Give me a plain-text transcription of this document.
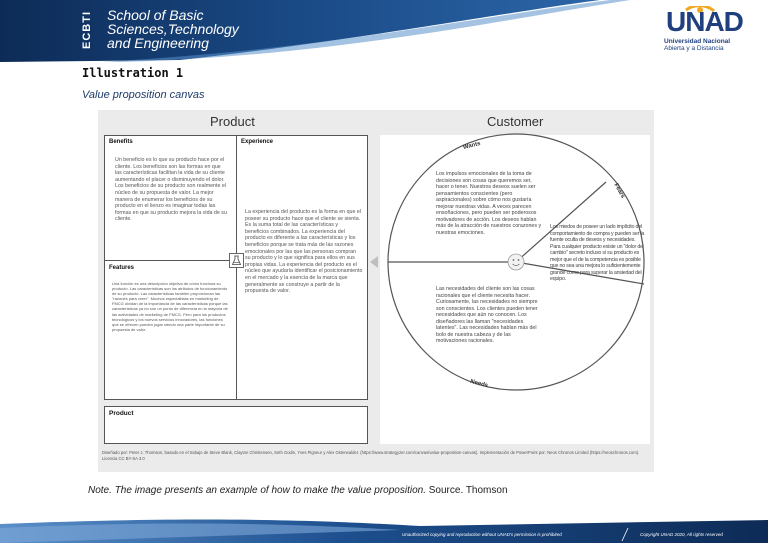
ECBTI School of Basic
Sciences,Technology
and Engineering
UNAD
Universidad Nacional
Abierta y a Distancia
Illustration 1
Value proposition canvas
Product	Customer
Benefits
Un beneficio es lo que su producto hace por el cliente. Los beneficios son las formas en que las características facilitan la vida de su cliente aumentando el placer o disminuyendo el dolor. Los beneficios de su producto son realmente el núcleo de su propuesta de valor. La mejor manera de enumerar los beneficios de su producto en el lienzo es imaginar todas las formas en que su producto mejora la vida de su cliente.
Experience
La experiencia del producto es la forma en que el poseer su producto hace que el cliente se sienta. Es la suma total de las características y beneficios combinados. La experiencia del producto es diferente a las características y los beneficios porque se trata más de las razones emocionales por las que las personas compran su producto y lo que significa para ellos en sus propias vidas. La experiencia del producto es el núcleo que ayudaría identificar el posicionamiento en el mercado y la esencia de la marca que generalmente se construye a partir de la propuesta de valor.
Features
Una función es una descripción objetiva de cómo funciona su producto. Las características son los atributos de funcionamiento de su producto. Las características también proporcionan las "razones para creer". Muchos especialistas en marketing de FMCG olvidan de la importancia de las características porque las características ya no son un punto de diferencia en la mayoría de las actividades de marketing de FMCG. Pero para los productos tecnológicos y los nuevos servicios innovadores, las funciones que se ofrecen pueden jugar siendo una parte importante de su propuesta de valor.
Product
Wants
Los impulsos emocionales de la toma de decisiones son cosas que queremos ser, hacer o tener. Nuestros deseos suelen ser pensamientos conscientes (pero aspiracionales) sobre cómo nos gustaría mejorar nuestras vidas. A veces parecen ensoñaciones, pero pueden ser poderosos motivadores de acción. Los deseos hablan más de la atracción de nuestros corazones y nuestras emociones.
Fears
Los miedos de poseer un lado implícito del comportamiento de compra y pueden ser la fuente oculta de deseos y necesidades. Para cualquier producto existe un "dolor de cambio" secreto incluso si su producto es mejor que el de la competencia es posible que no sea una mejora lo suficientemente grande como para superar la ansiedad del equipo.
Needs
Las necesidades del cliente son las cosas racionales que el cliente necesita hacer. Curiosamente, las necesidades no siempre son conscientes. Los clientes pueden tener necesidades que aún no conocen. Los diseñadores las llaman "necesidades latentes". Las necesidades hablan más del bolo de nuestra cabeza y de las motivaciones racionales.
Diseñado por: Peter J. Thomson, basado en el trabajo de Steve Blank, Clayton Christensen, Seth Godin, Yves Pigneur y Alex Osterwalder. (https://www.strategyzer.com/canvas/value-proposition-canvas). Implementación de PowerPoint por: Neos Chronos Limited (https://neoschronos.com). Licencia CC BY-SA 3.0
Note. The image presents an example of how to make the value proposition. Source. Thomson
Unauthorized copying and reproduction without UNAD's permission is prohibited	Copyright UNAD 2020, All rights reserved
